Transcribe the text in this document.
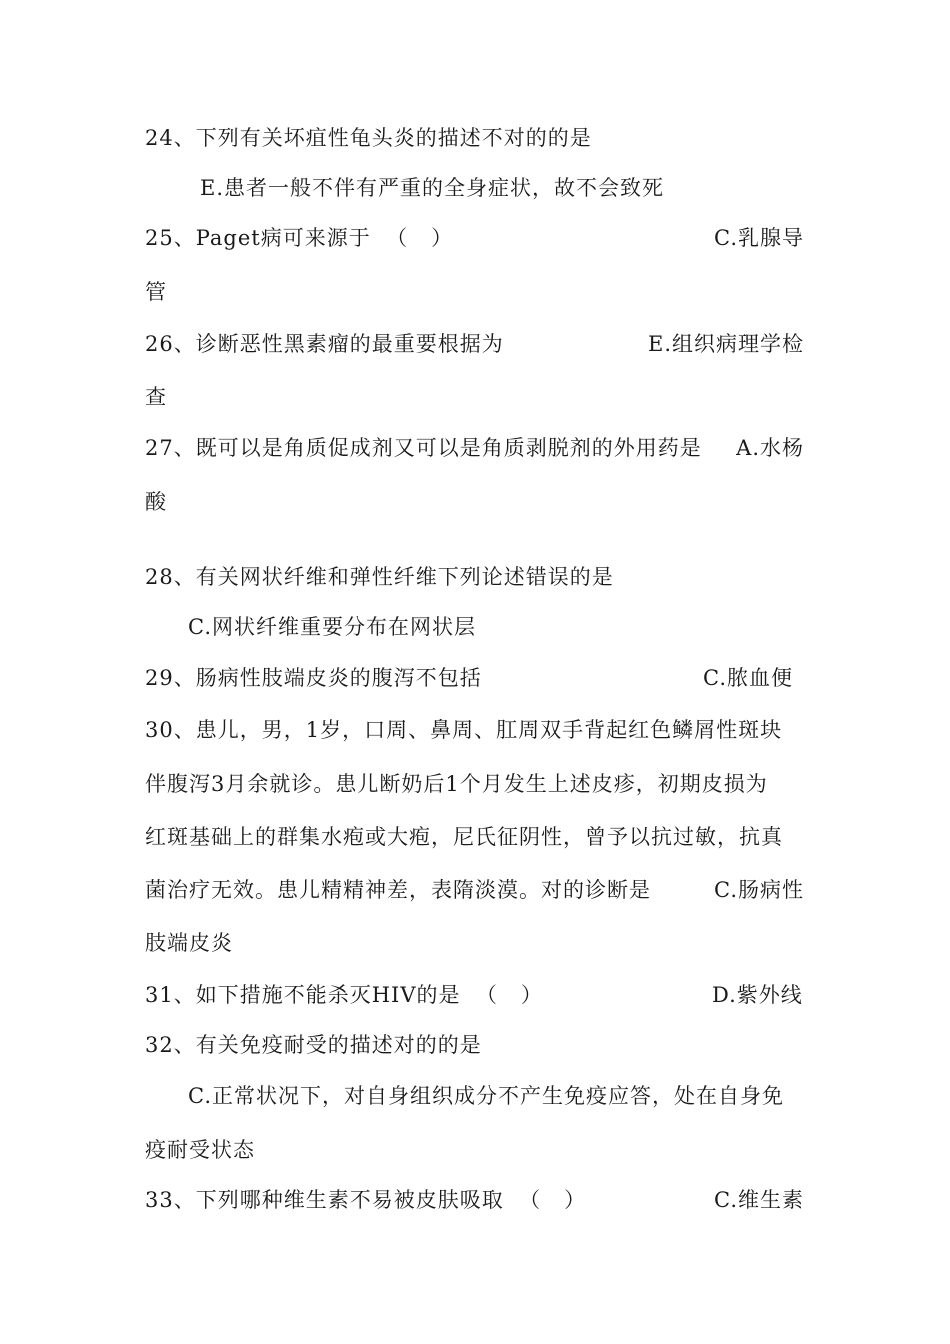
24、下列有关坏疽性龟头炎的描述不对的的是
E.患者一般不伴有严重的全身症状，故不会致死
25、Paget病可来源于  （   ）	C.乳腺导
管
26、诊断恶性黑素瘤的最重要根据为	E.组织病理学检
查
27、既可以是角质促成剂又可以是角质剥脱剂的外用药是 A.水杨
酸
28、有关网状纤维和弹性纤维下列论述错误的是
C.网状纤维重要分布在网状层
29、肠病性肢端皮炎的腹泻不包括	C.脓血便
30、患儿，男，1岁，口周、鼻周、肛周双手背起红色鳞屑性斑块
伴腹泻3月余就诊。患儿断奶后1个月发生上述皮疹，初期皮损为
红斑基础上的群集水疱或大疱，尼氏征阴性，曾予以抗过敏，抗真
菌治疗无效。患儿精精神差，表隋淡漠。对的诊断是	C.肠病性
肢端皮炎
31、如下措施不能杀灭HIV的是  （   ）	D.紫外线
32、有关免疫耐受的描述对的的是
C.正常状况下，对自身组织成分不产生免疫应答，处在自身免
疫耐受状态
33、下列哪种维生素不易被皮肤吸取  （   ）	C.维生素
